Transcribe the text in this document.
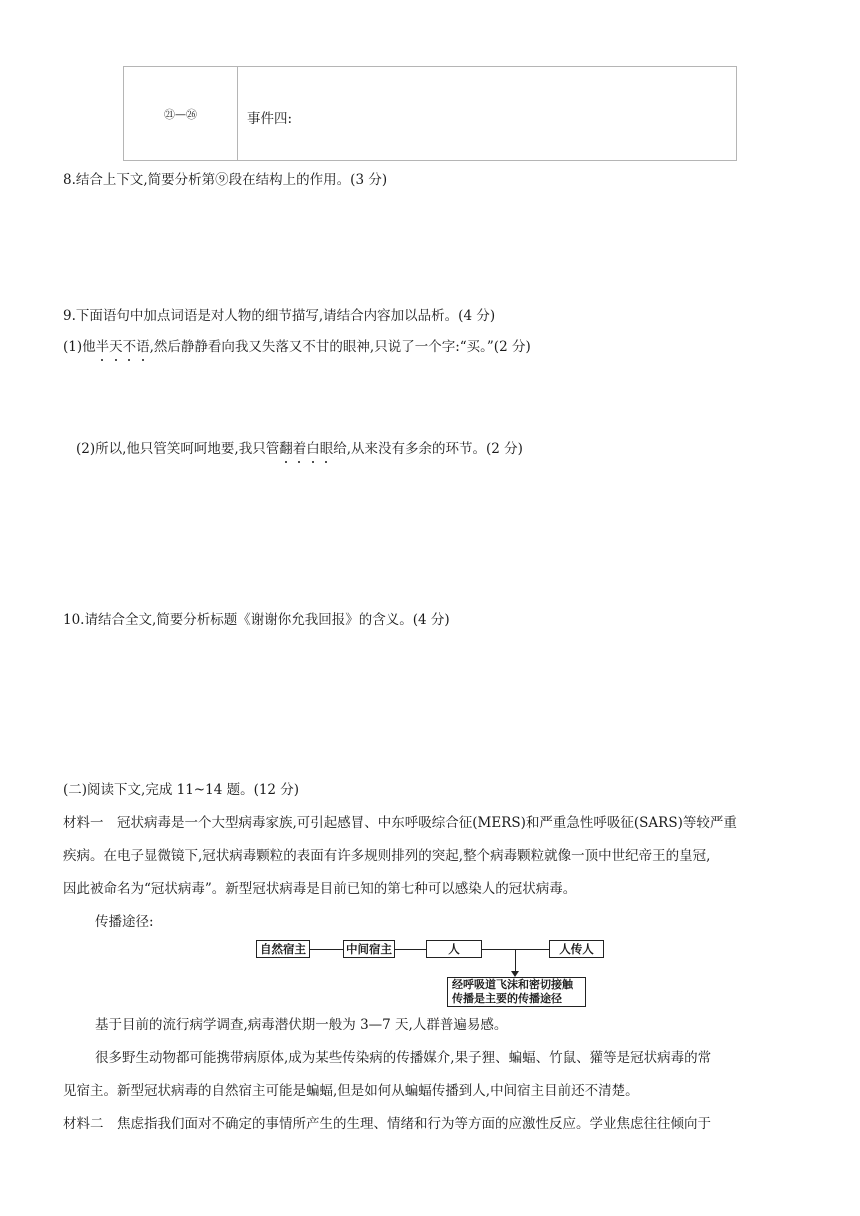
㉑—㉖	事件四:
8.结合上下文,简要分析第⑨段在结构上的作用。(3 分)
9.下面语句中加点词语是对人物的细节描写,请结合内容加以品析。(4 分)
(1)他半天不语,然后静静看向我又失落又不甘的眼神,只说了一个字:“买。”(2 分)
(2)所以,他只管笑呵呵地要,我只管翻着白眼给,从来没有多余的环节。(2 分)
10.请结合全文,简要分析标题《谢谢你允我回报》的含义。(4 分)
(二)阅读下文,完成 11~14 题。(12 分)
材料一　冠状病毒是一个大型病毒家族,可引起感冒、中东呼吸综合征(MERS)和严重急性呼吸征(SARS)等较严重
疾病。在电子显微镜下,冠状病毒颗粒的表面有许多规则排列的突起,整个病毒颗粒就像一顶中世纪帝王的皇冠,
因此被命名为“冠状病毒”。新型冠状病毒是目前已知的第七种可以感染人的冠状病毒。
传播途径:
自然宿主	中间宿主	人	人传人
经呼吸道飞沫和密切接触
传播是主要的传播途径
基于目前的流行病学调查,病毒潜伏期一般为 3—7 天,人群普遍易感。
很多野生动物都可能携带病原体,成为某些传染病的传播媒介,果子狸、蝙蝠、竹鼠、獾等是冠状病毒的常
见宿主。新型冠状病毒的自然宿主可能是蝙蝠,但是如何从蝙蝠传播到人,中间宿主目前还不清楚。
材料二　焦虑指我们面对不确定的事情所产生的生理、情绪和行为等方面的应激性反应。学业焦虑往往倾向于
